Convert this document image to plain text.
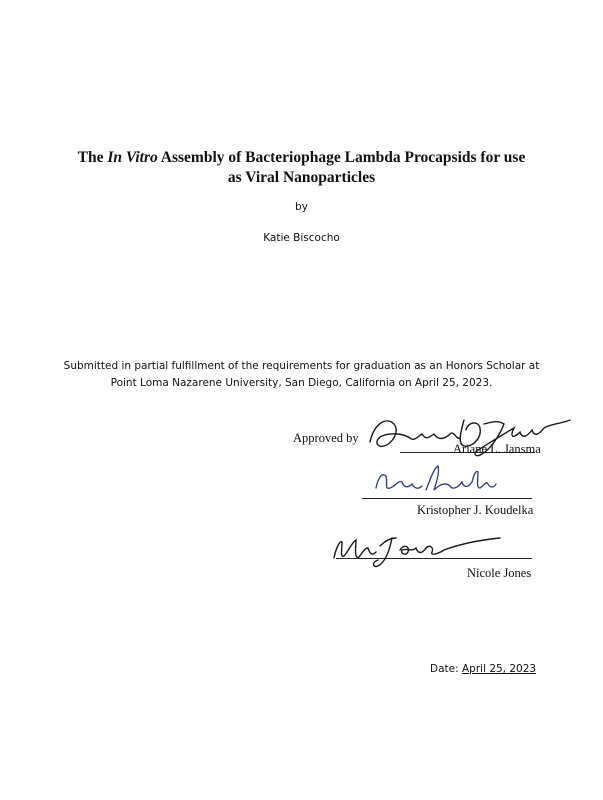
The In Vitro Assembly of Bacteriophage Lambda Procapsids for use
as Viral Nanoparticles
by
Katie Biscocho
Submitted in partial fulfillment of the requirements for graduation as an Honors Scholar at
Point Loma Nazarene University, San Diego, California on April 25, 2023.
Approved by
Ariane L. Jansma
Kristopher J. Koudelka
Nicole Jones
Date: April 25, 2023
